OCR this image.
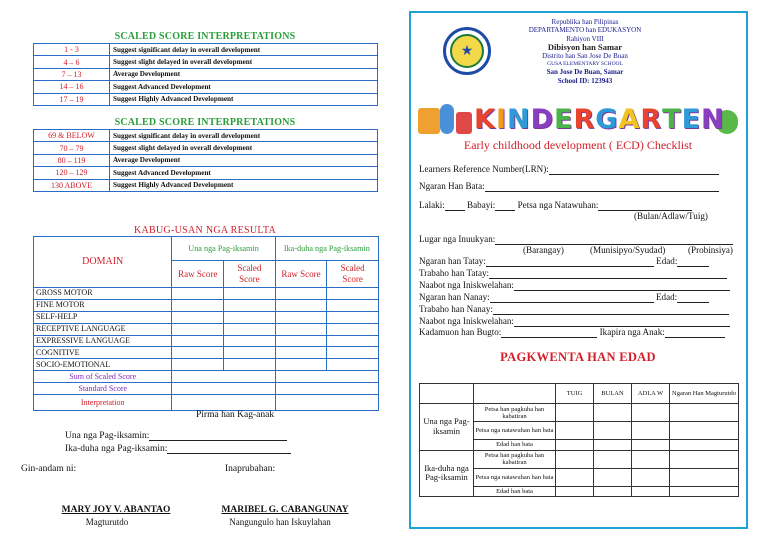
SCALED SCORE INTERPRETATIONS
1 - 3	Suggest significant delay in overall development
4 – 6	Suggest slight delayed in overall development
7 – 13	Average Development
14 – 16	Suggest Advanced Development
17 – 19	Suggest Highly Advanced Development
SCALED SCORE INTERPRETATIONS
69 & BELOW	Suggest significant delay in overall development
70 – 79	Suggest slight delayed in overall development
80 – 119	Average Development
120 – 129	Suggest Advanced Development
130 ABOVE	Suggest Highly Advanced Development
KABUG-USAN NGA RESULTA
DOMAIN	Una nga Pag-iksamin		Ika-duha nga Pag-iksamin	
	Raw Score	Scaled Score	Raw Score	Scaled Score
GROSS MOTOR				
FINE MOTOR				
SELF-HELP				
RECEPTIVE LANGUAGE				
EXPRESSIVE LANGUAGE				
COGNITIVE				
SOCIO-EMOTIONAL				
Sum of Scaled Score				
Standard Score				
Interpretation				
Pirma han Kag-anak
Una nga Pag-iksamin:
Ika-duha nga Pag-iksamin:
Gin-andam ni:	Inaprubahan:
MARY JOY V. ABANTAO
Magturutdo
MARIBEL G. CABANGUNAY
Nangungulo han Iskuylahan
★
Republika han Pilipinas
DEPARTAMENTO han EDUKASYON
Rahiyon VIII
Dibisyon han Samar
Distrito han San Jose De Buan
GUSA ELEMENTARY SCHOOL
San Jose De Buan, Samar
School ID: 123943
KINDERGARTEN
Early childhood development ( ECD) Checklist
Learners Reference Number(LRN):
Ngaran Han Bata:
Lalaki: Babayi: Petsa nga Natawuhan:
(Bulan/Adlaw/Tuig)
Lugar nga Inuukyan:
(Barangay)	(Munisipyo/Syudad) (Probinsiya)
Ngaran han Tatay:	Edad:
Trabaho han Tatay:
Naabot nga Iniskwelahan:
Ngaran han Nanay:	Edad:
Trabaho han Nanay:
Naabot nga Iniskwelahan:
Kadamuon han Bugto:	Ikapira nga Anak:
PAGKWENTA HAN EDAD
		TUIG	BULAN	ADLA W	Ngaran Han Magturutdo
Una nga Pag-iksamin	Petsa han pagkuha han kabatiran				
	Petsa nga natawuhan han bata				
	Edad han bata				
Ika-duha nga Pag-iksamin	Petsa han pagkuha han kabatiran				
	Petsa nga natawuhan han bata				
	Edad han bata				
